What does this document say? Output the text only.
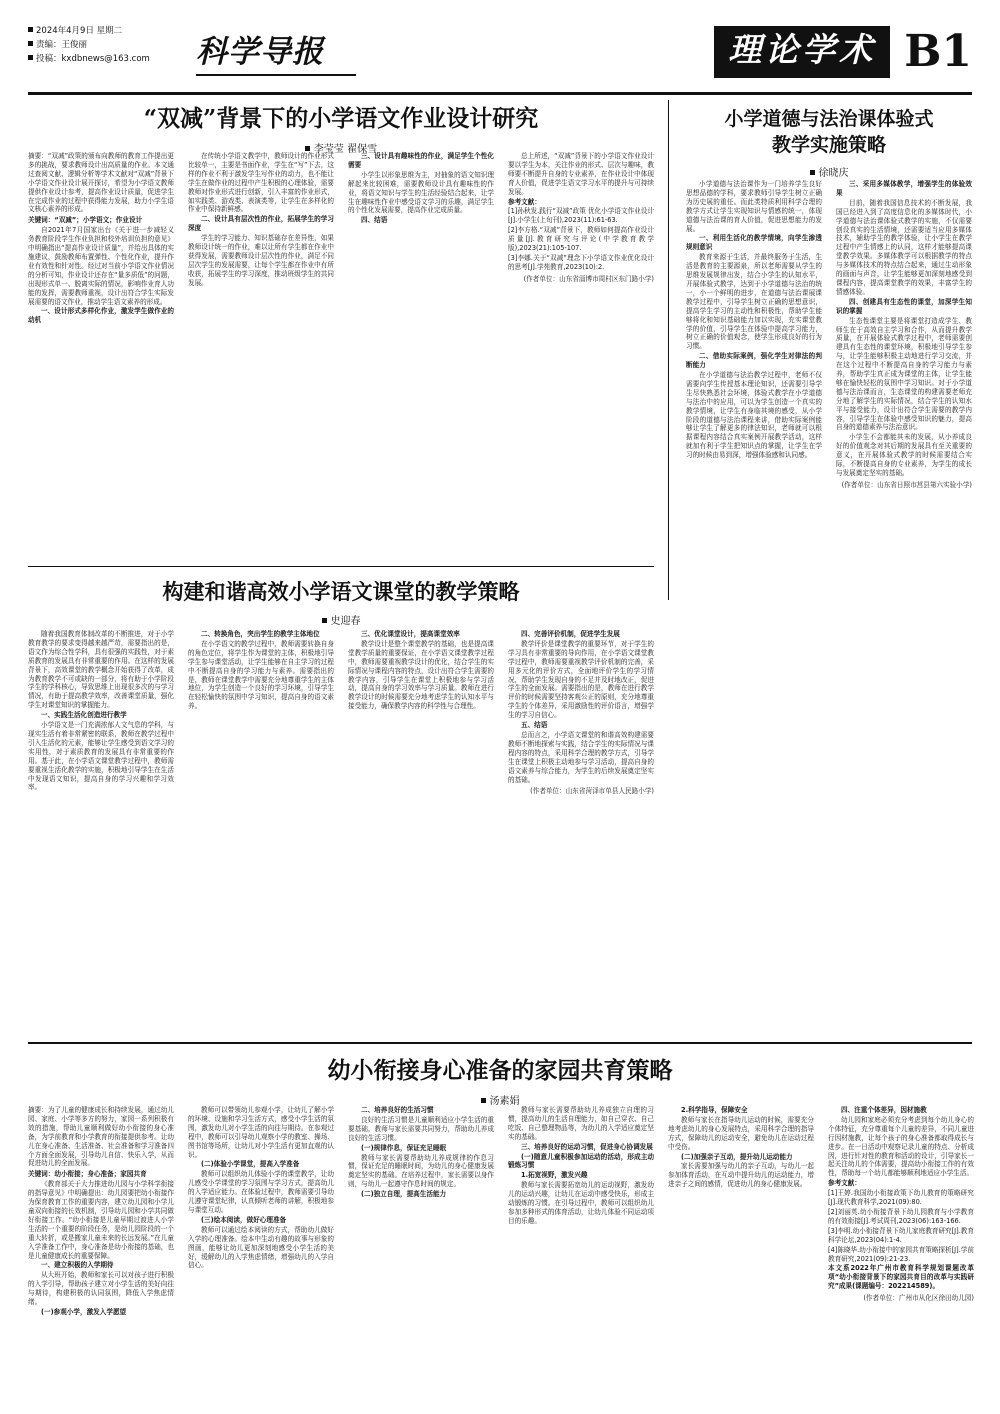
2024年4月9日 星期二
责编：王俊丽
投稿：kxdbnews@163.com	科学导报	理论学术 B1
“双减”背景下的小学语文作业设计研究
李莹莹 翟保雪

摘要：“双减”政策的颁布向教师的教育工作提出更多的挑战，要求教师设计出高质量的作业。本文通过查阅文献、逻辑分析等学术文献对“双减”背景下小学语文作业设计展开探讨，希望为小学语文教师提供作业设计参考，提高作业设计质量，促进学生在完成作业的过程中获得能力发展，助力小学生语文核心素养的形成。

关键词：“双减”；小学语文；作业设计

自2021年7月国家出台《关于进一步减轻义务教育阶段学生作业负担和校外培训负担的意见》中明确指出“提高作业设计质量”，并给出具体的实施建议，鼓励教师布置弹性、个性化作业，提升作业有效性和针对性。经过对当前小学语文作业情况的分析可知，作业设计还存在“量多质低”的问题，出现形式单一、脱离实际的情况，影响作业育人功能的发挥，需要教师重视，设计出符合学生实际发展需要的语文作业，推动学生语文素养的形成。

一、设计形式多样化作业，激发学生做作业的动机

在传统小学语文教学中，教师设计的作业形式比较单一，主要是书面作业，学生在“写”下去，这样的作业不利于激发学生写作业的动力，也不能让学生在做作业的过程中产生积极的心理体验，需要教师对作业形式进行创新，引入丰富的作业形式，如实践类、游戏类、表演类等，让学生在多样化的作业中保持新鲜感。

二、设计具有层次性的作业，拓展学生的学习深度

学生的学习能力、知识基础存在差异性，如果教师设计统一的作业，难以让所有学生都在作业中获得发展，需要教师设计层次性的作业，满足不同层次学生的发展需要，让每个学生都在作业中有所收获，拓展学生的学习深度，推动班级学生的共同发展。

三、设计具有趣味性的作业，满足学生个性化需要

小学生以形象思维为主，对抽象的语文知识理解起来比较困难，需要教师设计具有趣味性的作业，将语文知识与学生的生活经验结合起来，让学生在趣味性作业中感受语文学习的乐趣，满足学生的个性化发展需要，提高作业完成质量。

四、结语

总上所述，“双减”背景下的小学语文作业设计要以学生为本，关注作业的形式、层次与趣味，教师要不断提升自身的专业素养，在作业设计中体现育人价值，促进学生语文学习水平的提升与可持续发展。

参考文献：

[1]孙秋发.践行“双减”政策 优化小学语文作业设计[J].小学生(上旬刊),2023(11):61-63.

[2]李方格.“双减”背景下，教师如何提高作业设计质量[J].教育研究与评论(中学教育教学版),2023(21):105-107.

[3]李娜.关于“双减”理念下小学语文作业优化设计的思考[J].学苑教育,2023(10):2.

(作者单位：山东省淄博市周村区东门路小学)

小学道德与法治课体验式
教学实施策略
徐晓庆

小学道德与法治课作为一门培养学生良好思想品德的学科，要求教师引导学生树立正确为历史展的重任。而此类特质利用科学合理的教学方式让学生实现知识与情感的统一，体现道德与法治课的育人价值，促进思想能力的发展。

一、利用生活化的教学情境，向学生渗透规则意识

教育来源于生活，并最终服务于生活，生活是教育的主要源泉，所以老师需要从学生的思维发展规律出发，结合小学生的认知水平，开展体验式教学，达到于小学道德与法治的统一，小一个鲜明的进步，在道德与法治课展课教学过程中，引导学生树立正确的思想意识，提高学生学习的主动性和积极性，帮助学生能够将化和知识基础能力加以实现，充实课堂教学的价值，引导学生在体验中提高学习能力，树立正确的价值观念，使学生形成良好的行为习惯。

二、借助实际案例，强化学生对律法的判断能力

在小学道德与法治教学过程中，老师不仅需要向学生传授基本理论知识，还需要引导学生尽快熟悉社会环境，体验式教学在小学道德与法治中的应用，可以为学生创造一个真实的教学情境，让学生有身临其境的感受，从小学阶段的道德与法治课程来讲，借助实际案例能够让学生了解更多的律法知识，老师就可以根据课程内容结合真实案例开展教学活动，这样就加有利于学生把知识点的掌握，让学生在学习的时候由易到深，增强体验感和认同感。

三、采用多媒体教学，增强学生的体验效果

目前，随着我国信息技术的不断发展，我国已经进入到了高度信息化的多媒体时代，小学道德与法治课体验式教学的实施，不仅需要创设真实的生活情境，还需要适当应用多媒体技术，辅助学生的教学体验，让小学生在教学过程中产生情感上的认同，这样才能够提高课堂教学效果。多媒体教学可以根据教学的特点与多媒体技术的特点结合起来，通过生动形象的画面与声音，让学生能够更加深刻地感受到课程内容，提高课堂教学的效果，丰富学生的情感体验。

四、创建具有生态性的课堂，加深学生知识的掌握

生态性课堂主要是将课堂打造成学生、教师生在于高效自主学习和合作，从而提升教学质量，在开展体验式教学过程中，老师需要创建具有生态性的课堂环境，积极地引导学生参与，让学生能够积极主动地进行学习交流，并在这个过程中不断提高自身的学习能力与素养，帮助学生真正成为课堂的主体，让学生能够在愉快轻松的氛围中学习知识。对于小学道德与法治课而言，生态课堂的构建需要老师充分地了解学生的实际情况，结合学生的认知水平与接受能力，设计出符合学生需要的教学内容，引导学生在体验中感受知识的魅力，提高自身的道德素养与法治意识。

小学生不会都能其未的发展，从小养成良好的价值观念对其后期的发展具有至关重要的意义，在开展体验式教学的时候需要结合实际，不断提高自身的专业素养，为学生的成长与发展奠定坚实的基础。

(作者单位：山东省日照市莒县第六实验小学)

构建和谐高效小学语文课堂的教学策略
史迎春

随着我国教育体制改革的不断推进，对于小学教育教学的要求变得越来越严苛，需要指出的是，语文作为综合性学科，具有很强的实践性，对于素质教育的发展具有非常重要的作用。在这样的发展背景下，高效课堂的教学概念开始获得了改革，成为教育教学不可或缺的一部分，将有助于小学阶段学生的学科核心，导致思维上出现很多次的与学习情况，有助于提高教学效率，改善课堂质量，强化学生对课堂知识的掌握能力。

一、实践生活化创造进行教学

小学语文是一门充满浓郁人文气息的学科，与现实生活有着非常紧密的联系，教师在教学过程中引入生活化的元素，能够让学生感受到语文学习的实用性，对于素质教育的发展具有非常重要的作用。基于此，在小学语文课堂教学过程中，教师需要重视生活化教学的实施，积极地引导学生在生活中发现语文知识，提高自身的学习兴趣和学习效率。

二、转换角色，突出学生的教学主体地位

在小学语文的教学过程中，教师需要转换自身的角色定位，将学生作为课堂的主体，积极地引导学生参与课堂活动，让学生能够在自主学习的过程中不断提高自身的学习能力与素养。需要指出的是，教师在课堂教学中需要充分地尊重学生的主体地位，为学生创造一个良好的学习环境，引导学生在轻松愉快的氛围中学习知识，提高自身的语文素养。

三、优化课堂设计，提高课堂效率

教学设计是整个课堂教学的基础，也是提高课堂教学质量的重要保证，在小学语文课堂教学过程中，教师需要重视教学设计的优化，结合学生的实际情况与课程内容的特点，设计出符合学生需要的教学内容，引导学生在课堂上积极地参与学习活动，提高自身的学习效率与学习质量。教师在进行教学设计的时候需要充分地考虑学生的认知水平与接受能力，确保教学内容的科学性与合理性。

四、完善评价机制，促进学生发展

教学评价是课堂教学的重要环节，对于学生的学习具有非常重要的导向作用，在小学语文课堂教学过程中，教师需要重视教学评价机制的完善，采用多元化的评价方式，全面地评价学生的学习情况，帮助学生发现自身的不足并及时地改正，促进学生的全面发展。需要指出的是，教师在进行教学评价的时候需要坚持客观公正的原则，充分地尊重学生的个体差异，采用激励性的评价语言，增强学生的学习自信心。

五、结语

总而言之，小学语文课堂的和谐高效构建需要教师不断地探索与实践，结合学生的实际情况与课程内容的特点，采用科学合理的教学方式，引导学生在课堂上积极主动地参与学习活动，提高自身的语文素养与综合能力，为学生的后续发展奠定坚实的基础。

(作者单位：山东省菏泽市单县人民路小学)

幼小衔接身心准备的家园共育策略
汤素娟

摘要：为了儿童的健康成长和持续发展，通过幼儿园、家庭、小学等多方的努力，家园一系列积极有效的措施，帮助儿童顺利做好幼小衔接的身心准备，为学前教育和小学教育的衔接提供参考。让幼儿在身心准备、生活准备、社会准备和学习准备四个方面全面发展，引导幼儿自信、快乐入学，从而促进幼儿的全面发展。

关键词：幼小衔接；身心准备；家园共育

《教育部关于大力推进幼儿园与小学科学衔接的指导意见》中明确提出：幼儿园要把幼小衔接作为保育教育工作的重要内容，建立幼儿园和小学儿童双向衔接的长效机制，引导幼儿园和小学共同做好衔接工作。“幼小衔接是儿童早期过渡进人小学生活的一个重要的阶段任务，是幼儿园阶段的一个重大转折，或是搬家儿童未来的长远发展。”在儿童入学准备工作中，身心准备是幼小衔接的基础，也是儿童健康成长的重要保障。

一、建立积极的入学期待

从大班开始，教师和家长可以对孩子进行积极的入学引导，帮助孩子建立对小学生活的美好向往与期待，构建积极的认同氛围，降低入学焦虑情绪。

(一)参观小学，激发入学愿望

教师可以带领幼儿参观小学，让幼儿了解小学的环境、设施和学习生活方式，感受小学生活的氛围，激发幼儿对小学生活的向往与期待。在参观过程中，教师可以引导幼儿观察小学的教室、操场、图书馆等场所，让幼儿对小学生活有更加直观的认识。

(二)体验小学课堂，提高入学准备

教师可以组织幼儿体验小学的课堂教学，让幼儿感受小学课堂的学习氛围与学习方式，提高幼儿的入学适应能力。在体验过程中，教师需要引导幼儿遵守课堂纪律，认真倾听老师的讲解，积极地参与课堂互动。

(三)绘本阅读，做好心理准备

教师可以通过绘本阅读的方式，帮助幼儿做好入学的心理准备。绘本中生动有趣的故事与形象的图画，能够让幼儿更加深刻地感受小学生活的美好，缓解幼儿的入学焦虑情绪，增强幼儿的入学自信心。

二、培养良好的生活习惯

良好的生活习惯是儿童顺利适应小学生活的重要基础，教师与家长需要共同努力，帮助幼儿养成良好的生活习惯。

(一)规律作息，保证充足睡眠

教师与家长需要帮助幼儿养成规律的作息习惯，保证充足的睡眠时间，为幼儿的身心健康发展奠定坚实的基础。在培养过程中，家长需要以身作则，与幼儿一起遵守作息时间的规定。

(二)独立自理，提高生活能力

教师与家长需要帮助幼儿养成独立自理的习惯，提高幼儿的生活自理能力，如自己穿衣、自己吃饭、自己整理物品等，为幼儿的入学适应奠定坚实的基础。

三、培养良好的运动习惯，促进身心协调发展

(一)随意儿童积极参加运动的活动，形成主动锻炼习惯

1.拓宽视野，激发兴趣

教师与家长需要拓宽幼儿的运动视野，激发幼儿的运动兴趣，让幼儿在运动中感受快乐，形成主动锻炼的习惯。在引导过程中，教师可以组织幼儿参加多种形式的体育活动，让幼儿体验不同运动项目的乐趣。

2.科学指导，保障安全

教师与家长在指导幼儿运动的时候，需要充分地考虑幼儿的身心发展特点，采用科学合理的指导方式，保障幼儿的运动安全，避免幼儿在运动过程中受伤。

(二)加强亲子互动，提升幼儿运动能力

家长需要加强与幼儿的亲子互动，与幼儿一起参加体育活动，在互动中提升幼儿的运动能力，增进亲子之间的感情，促进幼儿的身心健康发展。

四、注重个体差异，因材施教

幼儿园和家庭必须充分考虑到每个幼儿身心的个体特征，充分尊重每个儿童的差异，不同儿童进行因材施教，让每个孩子的身心准备都取得成长与进步。在一日活动中观察记录儿童的特点、分析成因，进行针对性的教育和活动的设计，引导家长一起关注幼儿的个体需要，提高幼小衔接工作的有效性，帮助每一个幼儿都能够顺利地适应小学生活。

参考文献：

[1]王婷.我国幼小衔接政策下幼儿教育的策略研究[J].现代教育科学,2021(09):80.

[2]刘丽英.幼小衔接背景下幼儿园教育与小学教育的有效衔接[J].考试周刊,2023(06):163-166.

[3]李明.幼小衔接背景下幼儿家庭教育研究[J].教育科学论坛,2023(04):1-4.

[4]陈晓华.幼小衔接中的家园共育策略探析[J].学前教育研究,2021(09):21-23.

本文系2022年广州市教育科学规划课题改革项“幼小衔接背景下的家园共育目的改革与实践研究”成果(课题编号：202214589)。

(作者单位：广州市从化区徐田幼儿园)
